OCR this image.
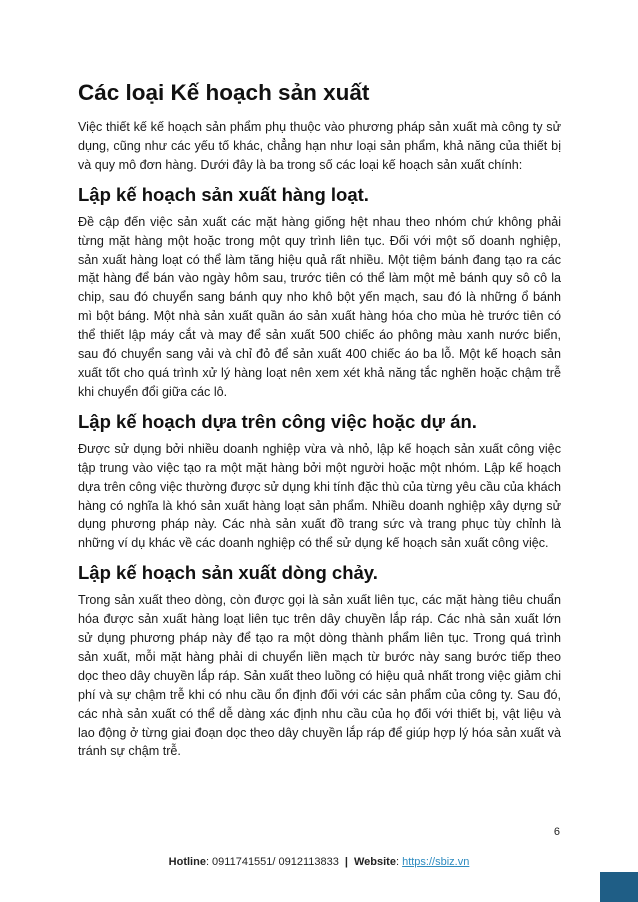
Các loại Kế hoạch sản xuất

Việc thiết kế kế hoạch sản phẩm phụ thuộc vào phương pháp sản xuất mà công ty sử dụng, cũng như các yếu tố khác, chẳng hạn như loại sản phẩm, khả năng của thiết bị và quy mô đơn hàng. Dưới đây là ba trong số các loại kế hoạch sản xuất chính:

Lập kế hoạch sản xuất hàng loạt.

Đề cập đến việc sản xuất các mặt hàng giống hệt nhau theo nhóm chứ không phải từng mặt hàng một hoặc trong một quy trình liên tục. Đối với một số doanh nghiệp, sản xuất hàng loạt có thể làm tăng hiệu quả rất nhiều. Một tiệm bánh đang tạo ra các mặt hàng để bán vào ngày hôm sau, trước tiên có thể làm một mẻ bánh quy sô cô la chip, sau đó chuyển sang bánh quy nho khô bột yến mạch, sau đó là những ổ bánh mì bột báng. Một nhà sản xuất quần áo sản xuất hàng hóa cho mùa hè trước tiên có thể thiết lập máy cắt và may để sản xuất 500 chiếc áo phông màu xanh nước biển, sau đó chuyển sang vải và chỉ đỏ để sản xuất 400 chiếc áo ba lỗ. Một kế hoạch sản xuất tốt cho quá trình xử lý hàng loạt nên xem xét khả năng tắc nghẽn hoặc chậm trễ khi chuyển đổi giữa các lô.

Lập kế hoạch dựa trên công việc hoặc dự án.

Được sử dụng bởi nhiều doanh nghiệp vừa và nhỏ, lập kế hoạch sản xuất công việc tập trung vào việc tạo ra một mặt hàng bởi một người hoặc một nhóm. Lập kế hoạch dựa trên công việc thường được sử dụng khi tính đặc thù của từng yêu cầu của khách hàng có nghĩa là khó sản xuất hàng loạt sản phẩm. Nhiều doanh nghiệp xây dựng sử dụng phương pháp này. Các nhà sản xuất đồ trang sức và trang phục tùy chỉnh là những ví dụ khác về các doanh nghiệp có thể sử dụng kế hoạch sản xuất công việc.

Lập kế hoạch sản xuất dòng chảy.

Trong sản xuất theo dòng, còn được gọi là sản xuất liên tục, các mặt hàng tiêu chuẩn hóa được sản xuất hàng loạt liên tục trên dây chuyền lắp ráp. Các nhà sản xuất lớn sử dụng phương pháp này để tạo ra một dòng thành phẩm liên tục. Trong quá trình sản xuất, mỗi mặt hàng phải di chuyển liền mạch từ bước này sang bước tiếp theo dọc theo dây chuyền lắp ráp. Sản xuất theo luồng có hiệu quả nhất trong việc giảm chi phí và sự chậm trễ khi có nhu cầu ổn định đối với các sản phẩm của công ty. Sau đó, các nhà sản xuất có thể dễ dàng xác định nhu cầu của họ đối với thiết bị, vật liệu và lao động ở từng giai đoạn dọc theo dây chuyền lắp ráp để giúp hợp lý hóa sản xuất và tránh sự chậm trễ.

6
Hotline: 0911741551/ 0912113833 | Website: https://sbiz.vn
